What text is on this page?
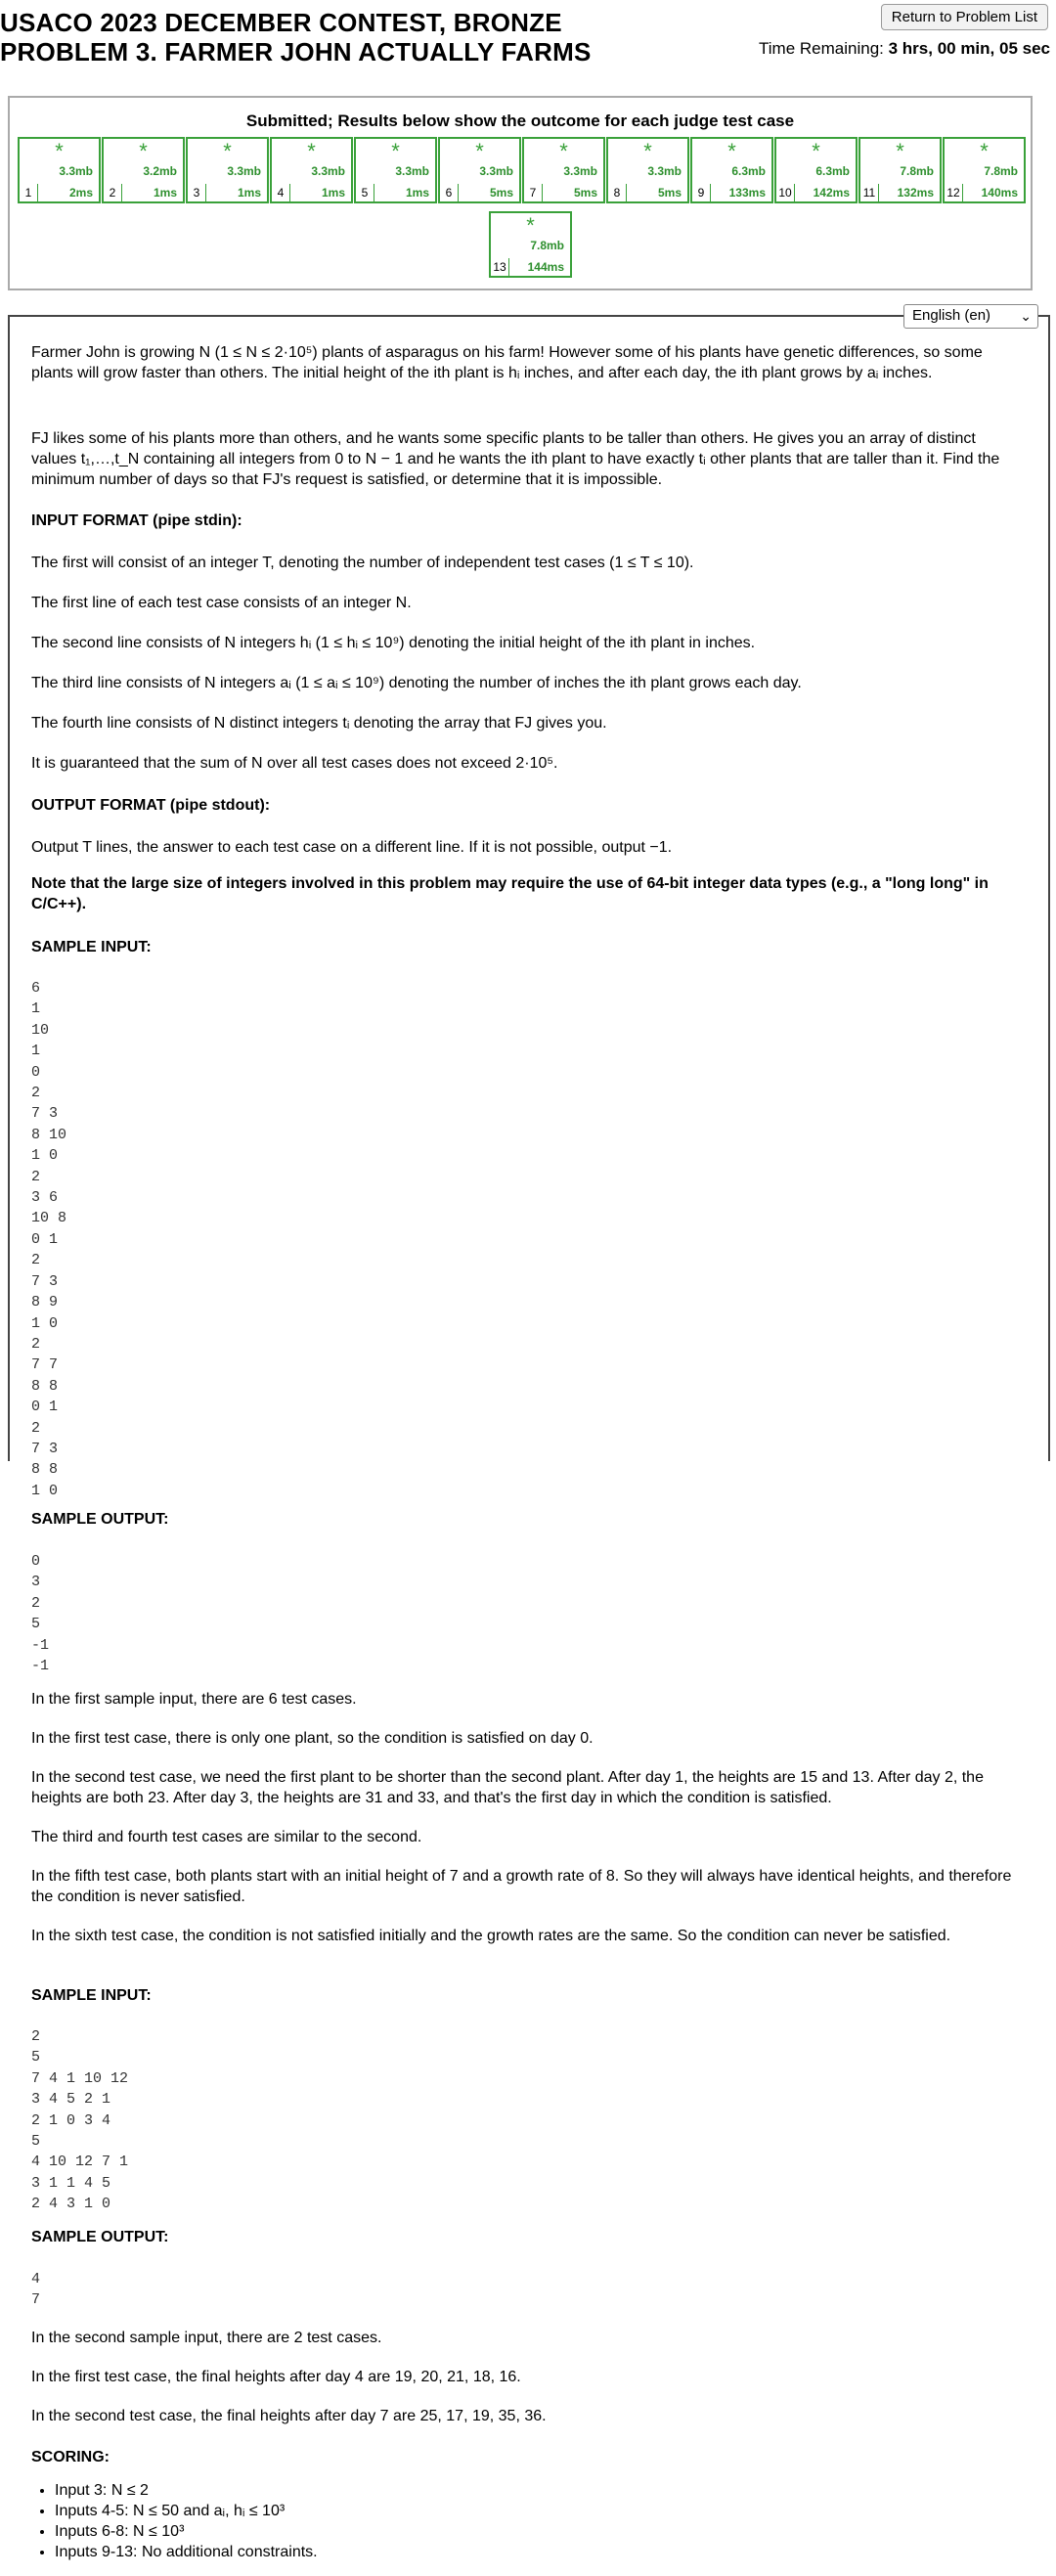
USACO 2023 DECEMBER CONTEST, BRONZE
PROBLEM 3. FARMER JOHN ACTUALLY FARMS
Return to Problem List
Time Remaining: 3 hrs, 00 min, 05 sec
Submitted; Results below show the outcome for each judge test case
*
3.3mb
1	2ms
*
3.2mb
2	1ms
*
3.3mb
3	1ms
*
3.3mb
4	1ms
*
3.3mb
5	1ms
*
3.3mb
6	5ms
*
3.3mb
7	5ms
*
3.3mb
8	5ms
*
6.3mb
9	133ms
*
6.3mb
10 142ms
*
7.8mb
11	132ms
*
7.8mb
12 140ms
*
7.8mb
13 144ms
English (en) ⌄

Farmer John is growing N (1 ≤ N ≤ 2·10⁵) plants of asparagus on his farm! However some of his plants have genetic differences, so some plants will grow faster than others. The initial height of the ith plant is hᵢ inches, and after each day, the ith plant grows by aᵢ inches.

FJ likes some of his plants more than others, and he wants some specific plants to be taller than others. He gives you an array of distinct values t₁,…,t_N containing all integers from 0 to N − 1 and he wants the ith plant to have exactly tᵢ other plants that are taller than it. Find the minimum number of days so that FJ's request is satisfied, or determine that it is impossible.

INPUT FORMAT (pipe stdin):

The first will consist of an integer T, denoting the number of independent test cases (1 ≤ T ≤ 10).

The first line of each test case consists of an integer N.

The second line consists of N integers hᵢ (1 ≤ hᵢ ≤ 10⁹) denoting the initial height of the ith plant in inches.

The third line consists of N integers aᵢ (1 ≤ aᵢ ≤ 10⁹) denoting the number of inches the ith plant grows each day.

The fourth line consists of N distinct integers tᵢ denoting the array that FJ gives you.

It is guaranteed that the sum of N over all test cases does not exceed 2·10⁵.

OUTPUT FORMAT (pipe stdout):

Output T lines, the answer to each test case on a different line. If it is not possible, output −1.

Note that the large size of integers involved in this problem may require the use of 64-bit integer data types (e.g., a "long long" in C/C++).

SAMPLE INPUT:

6
1
10
1
0
2
7 3
8 10
1 0
2
3 6
10 8
0 1
2
7 3
8 9
1 0
2
7 7
8 8
0 1
2
7 3
8 8
1 0

SAMPLE OUTPUT:

0
3
2
5
-1
-1

In the first sample input, there are 6 test cases.

In the first test case, there is only one plant, so the condition is satisfied on day 0.

In the second test case, we need the first plant to be shorter than the second plant. After day 1, the heights are 15 and 13. After day 2, the heights are both 23. After day 3, the heights are 31 and 33, and that's the first day in which the condition is satisfied.

The third and fourth test cases are similar to the second.

In the fifth test case, both plants start with an initial height of 7 and a growth rate of 8. So they will always have identical heights, and therefore the condition is never satisfied.

In the sixth test case, the condition is not satisfied initially and the growth rates are the same. So the condition can never be satisfied.

SAMPLE INPUT:

2
5
7 4 1 10 12
3 4 5 2 1
2 1 0 3 4
5
4 10 12 7 1
3 1 1 4 5
2 4 3 1 0

SAMPLE OUTPUT:

4
7

In the second sample input, there are 2 test cases.

In the first test case, the final heights after day 4 are 19, 20, 21, 18, 16.

In the second test case, the final heights after day 7 are 25, 17, 19, 35, 36.

SCORING:

• Input 3: N ≤ 2
• Inputs 4-5: N ≤ 50 and aᵢ, hᵢ ≤ 10³
• Inputs 6-8: N ≤ 10³
• Inputs 9-13: No additional constraints.
